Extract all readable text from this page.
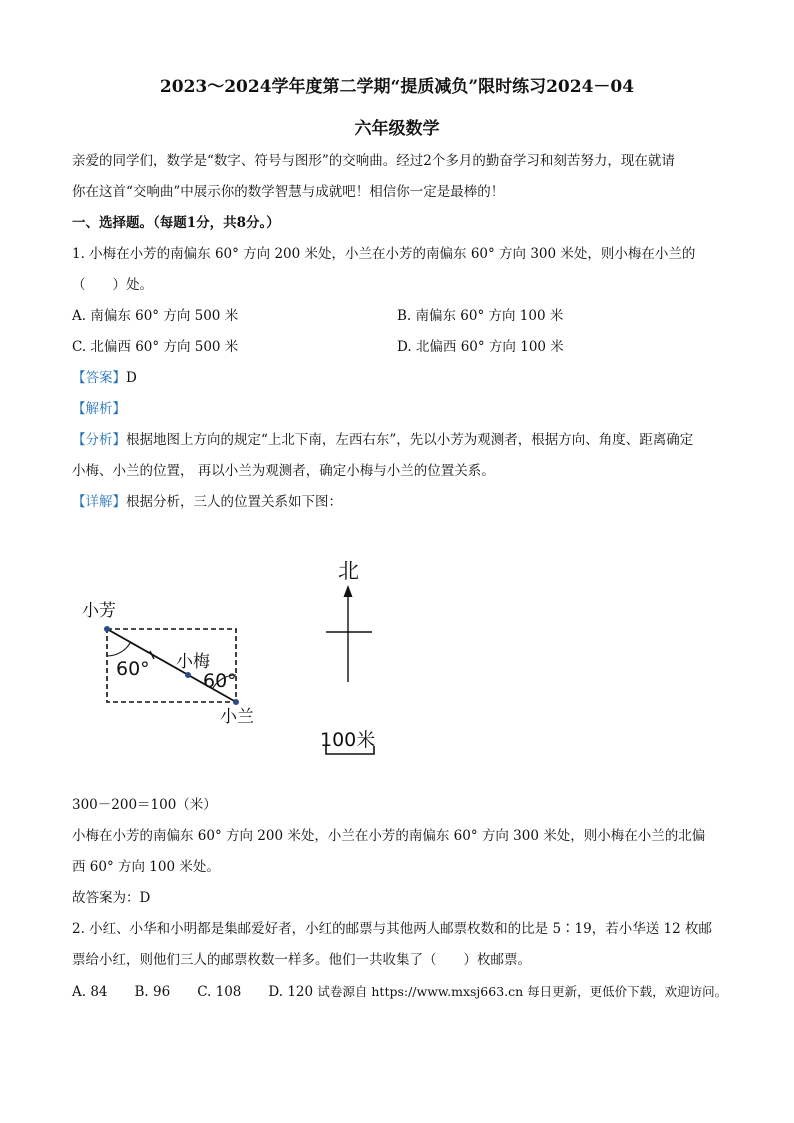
2023～2024学年度第二学期“提质减负”限时练习2024－04
六年级数学
亲爱的同学们，数学是“数字、符号与图形”的交响曲。经过2个多月的勤奋学习和刻苦努力，现在就请
你在这首“交响曲”中展示你的数学智慧与成就吧！相信你一定是最棒的！
一、选择题。（每题1分，共8分。）
1. 小梅在小芳的南偏东 60° 方向 200 米处，小兰在小芳的南偏东 60° 方向 300 米处，则小梅在小兰的
（　　）处。
A. 南偏东 60° 方向 500 米	B. 南偏东 60° 方向 100 米
C. 北偏西 60° 方向 500 米	D. 北偏西 60° 方向 100 米
【答案】D
【解析】
【分析】根据地图上方向的规定“上北下南，左西右东”，先以小芳为观测者，根据方向、角度、距离确定
小梅、小兰的位置， 再以小兰为观测者，确定小梅与小兰的位置关系。
【详解】根据分析，三人的位置关系如下图：
北
小芳
小梅
小兰
60°
60°
100米
300－200＝100（米）
小梅在小芳的南偏东 60° 方向 200 米处，小兰在小芳的南偏东 60° 方向 300 米处，则小梅在小兰的北偏
西 60° 方向 100 米处。
故答案为：D
2. 小红、小华和小明都是集邮爱好者，小红的邮票与其他两人邮票枚数和的比是 5∶19，若小华送 12 枚邮
票给小红，则他们三人的邮票枚数一样多。他们一共收集了（　　）枚邮票。
A. 84　　B. 96　　C. 108　　D. 120 试卷源自 https://www.mxsj663.cn 每日更新，更低价下载，欢迎访问。
